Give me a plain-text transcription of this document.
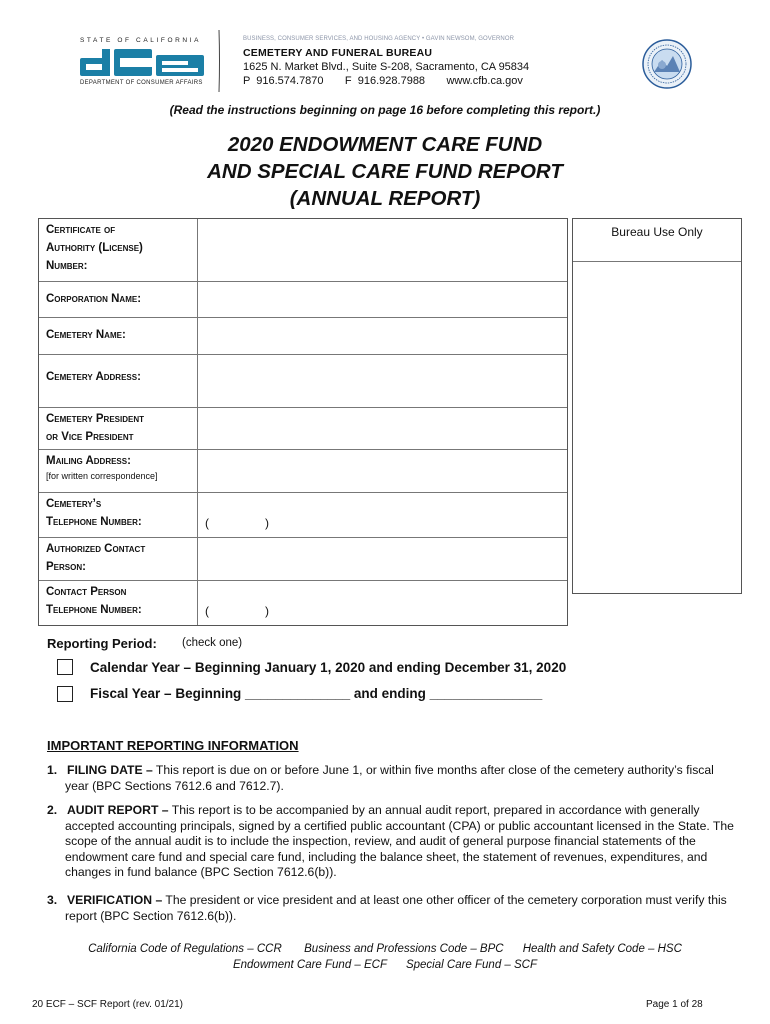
STATE OF CALIFORNIA
DEPARTMENT OF CONSUMER AFFAIRS
BUSINESS, CONSUMER SERVICES, AND HOUSING AGENCY • GAVIN NEWSOM, GOVERNOR
CEMETERY AND FUNERAL BUREAU
1625 N. Market Blvd., Suite S-208, Sacramento, CA 95834
P  916.574.7870       F  916.928.7988       www.cfb.ca.gov
(Read the instructions beginning on page 16 before completing this report.)
2020 ENDOWMENT CARE FUND
AND SPECIAL CARE FUND REPORT
(ANNUAL REPORT)
Certificate of
Authority (License)
Number:
Corporation Name:
Cemetery Name:
Cemetery Address:
Cemetery President
or Vice President
Mailing Address:
[for written correspondence]
Cemetery’s
Telephone Number:	(	)
Authorized Contact
Person:
Contact Person
Telephone Number:	(	)
Bureau Use Only
Reporting Period: (check one)
Calendar Year – Beginning January 1, 2020 and ending December 31, 2020
Fiscal Year – Beginning ______________ and ending _______________
IMPORTANT REPORTING INFORMATION
1. FILING DATE – This report is due on or before June 1, or within five months after close of the cemetery authority’s fiscal year (BPC Sections 7612.6 and 7612.7).
2. AUDIT REPORT – This report is to be accompanied by an annual audit report, prepared in accordance with generally accepted accounting principals, signed by a certified public accountant (CPA) or public accountant licensed in the State. The scope of the annual audit is to include the inspection, review, and audit of general purpose financial statements of the endowment care fund and special care fund, including the balance sheet, the statement of revenues, expenditures, and changes in fund balance (BPC Section 7612.6(b)).
3. VERIFICATION – The president or vice president and at least one other officer of the cemetery corporation must verify this report (BPC Section 7612.6(b)).
California Code of Regulations – CCR       Business and Professions Code – BPC      Health and Safety Code – HSC
Endowment Care Fund – ECF      Special Care Fund – SCF
20 ECF – SCF Report (rev. 01/21)	Page 1 of 28
